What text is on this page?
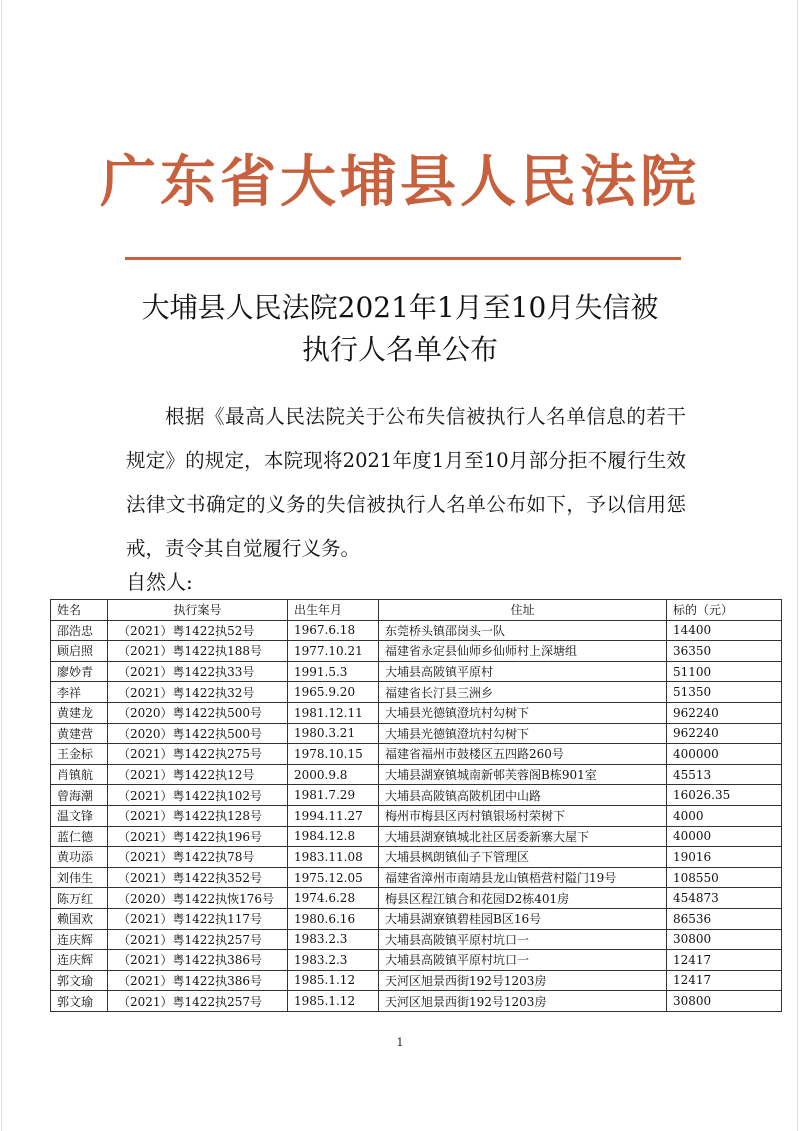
广东省大埔县人民法院
大埔县人民法院2021年1月至10月失信被
执行人名单公布
根据《最高人民法院关于公布失信被执行人名单信息的若干规定》的规定，本院现将2021年度1月至10月部分拒不履行生效法律文书确定的义务的失信被执行人名单公布如下，予以信用惩戒，责令其自觉履行义务。
自然人:
姓名	执行案号	出生年月	住址	标的（元）
邵浩忠	（2021）粤1422执52号	1967.6.18	东莞桥头镇邵岗头一队	14400
顾启照	（2021）粤1422执188号	1977.10.21	福建省永定县仙师乡仙师村上深塘组	36350
廖妙青	（2021）粤1422执33号	1991.5.3	大埔县高陂镇平原村	51100
李祥	（2021）粤1422执32号	1965.9.20	福建省长汀县三洲乡	51350
黄建龙	（2020）粤1422执500号	1981.12.11	大埔县光德镇澄坑村勾树下	962240
黄建营	（2020）粤1422执500号	1980.3.21	大埔县光德镇澄坑村勾树下	962240
王金标	（2021）粤1422执275号	1978.10.15	福建省福州市鼓楼区五四路260号	400000
肖镇航	（2021）粤1422执12号	2000.9.8	大埔县湖寮镇城南新邨芙蓉阁B栋901室	45513
曾海潮	（2021）粤1422执102号	1981.7.29	大埔县高陂镇高陂机团中山路	16026.35
温文锋	（2021）粤1422执128号	1994.11.27	梅州市梅县区丙村镇银场村荣树下	4000
蓝仁德	（2021）粤1422执196号	1984.12.8	大埔县湖寮镇城北社区居委新寨大屋下	40000
黄功添	（2021）粤1422执78号	1983.11.08	大埔县枫朗镇仙子下管理区	19016
刘伟生	（2021）粤1422执352号	1975.12.05	福建省漳州市南靖县龙山镇梧营村隘门19号	108550
陈万红	（2020）粤1422执恢176号	1974.6.28	梅县区程江镇合和花园D2栋401房	454873
赖国欢	（2021）粤1422执117号	1980.6.16	大埔县湖寮镇碧桂园B区16号	86536
连庆辉	（2021）粤1422执257号	1983.2.3	大埔县高陂镇平原村坑口一	30800
连庆辉	（2021）粤1422执386号	1983.2.3	大埔县高陂镇平原村坑口一	12417
郭文瑜	（2021）粤1422执386号	1985.1.12	天河区旭景西街192号1203房	12417
郭文瑜	（2021）粤1422执257号	1985.1.12	天河区旭景西街192号1203房	30800
1
